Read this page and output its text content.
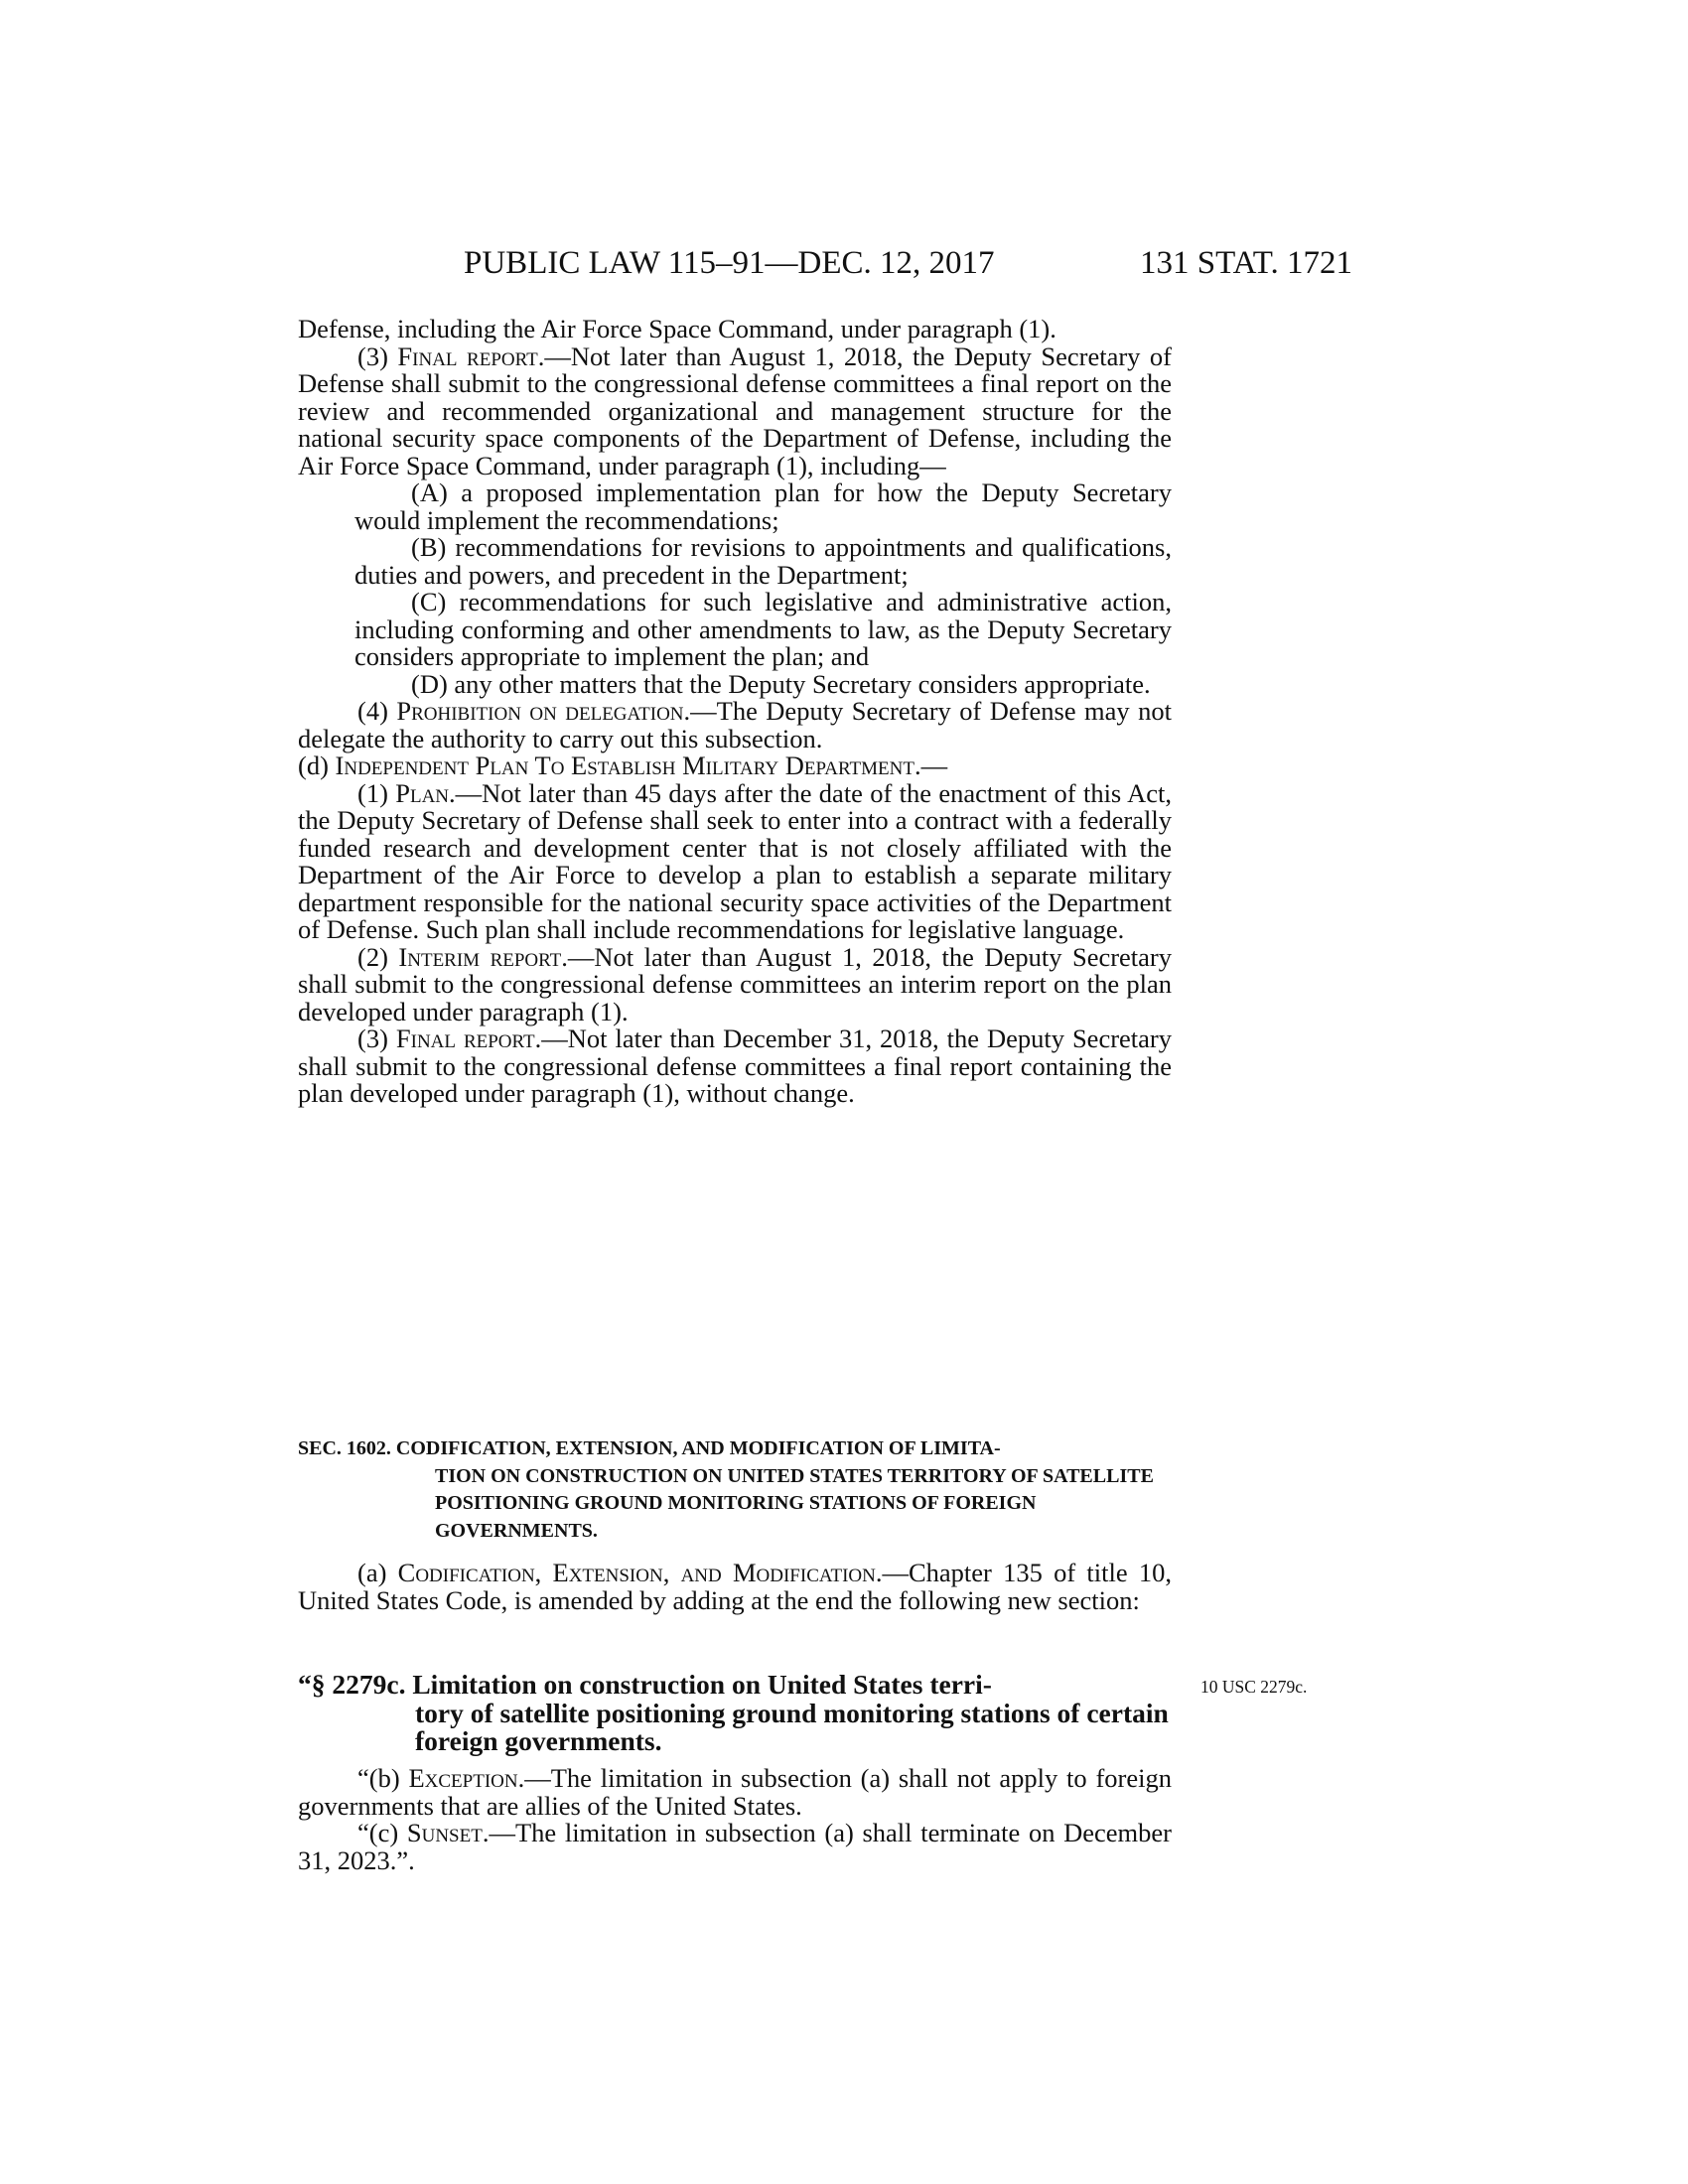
PUBLIC LAW 115–91—DEC. 12, 2017	131 STAT. 1721

Defense, including the Air Force Space Command, under paragraph (1).

(3) Final report.—Not later than August 1, 2018, the Deputy Secretary of Defense shall submit to the congressional defense committees a final report on the review and recommended organizational and management structure for the national security space components of the Department of Defense, including the Air Force Space Command, under paragraph (1), including—

(A) a proposed implementation plan for how the Deputy Secretary would implement the recommendations;

(B) recommendations for revisions to appointments and qualifications, duties and powers, and precedent in the Department;

(C) recommendations for such legislative and administrative action, including conforming and other amendments to law, as the Deputy Secretary considers appropriate to implement the plan; and

(D) any other matters that the Deputy Secretary considers appropriate.

(4) Prohibition on delegation.—The Deputy Secretary of Defense may not delegate the authority to carry out this subsection.

(d) Independent Plan To Establish Military Department.—

(1) Plan.—Not later than 45 days after the date of the enactment of this Act, the Deputy Secretary of Defense shall seek to enter into a contract with a federally funded research and development center that is not closely affiliated with the Department of the Air Force to develop a plan to establish a separate military department responsible for the national security space activities of the Department of Defense. Such plan shall include recommendations for legislative language.

(2) Interim report.—Not later than August 1, 2018, the Deputy Secretary shall submit to the congressional defense committees an interim report on the plan developed under paragraph (1).

(3) Final report.—Not later than December 31, 2018, the Deputy Secretary shall submit to the congressional defense committees a final report containing the plan developed under paragraph (1), without change.

SEC. 1602. CODIFICATION, EXTENSION, AND MODIFICATION OF LIMITA-
TION ON CONSTRUCTION ON UNITED STATES TERRITORY OF SATELLITE POSITIONING GROUND MONITORING STATIONS OF FOREIGN GOVERNMENTS.

(a) Codification, Extension, and Modification.—Chapter 135 of title 10, United States Code, is amended by adding at the end the following new section:

“§ 2279c. Limitation on construction on United States terri-
tory of satellite positioning ground monitoring stations of certain foreign governments.
10 USC 2279c.

“(b) Exception.—The limitation in subsection (a) shall not apply to foreign governments that are allies of the United States.

“(c) Sunset.—The limitation in subsection (a) shall terminate on December 31, 2023.”.
